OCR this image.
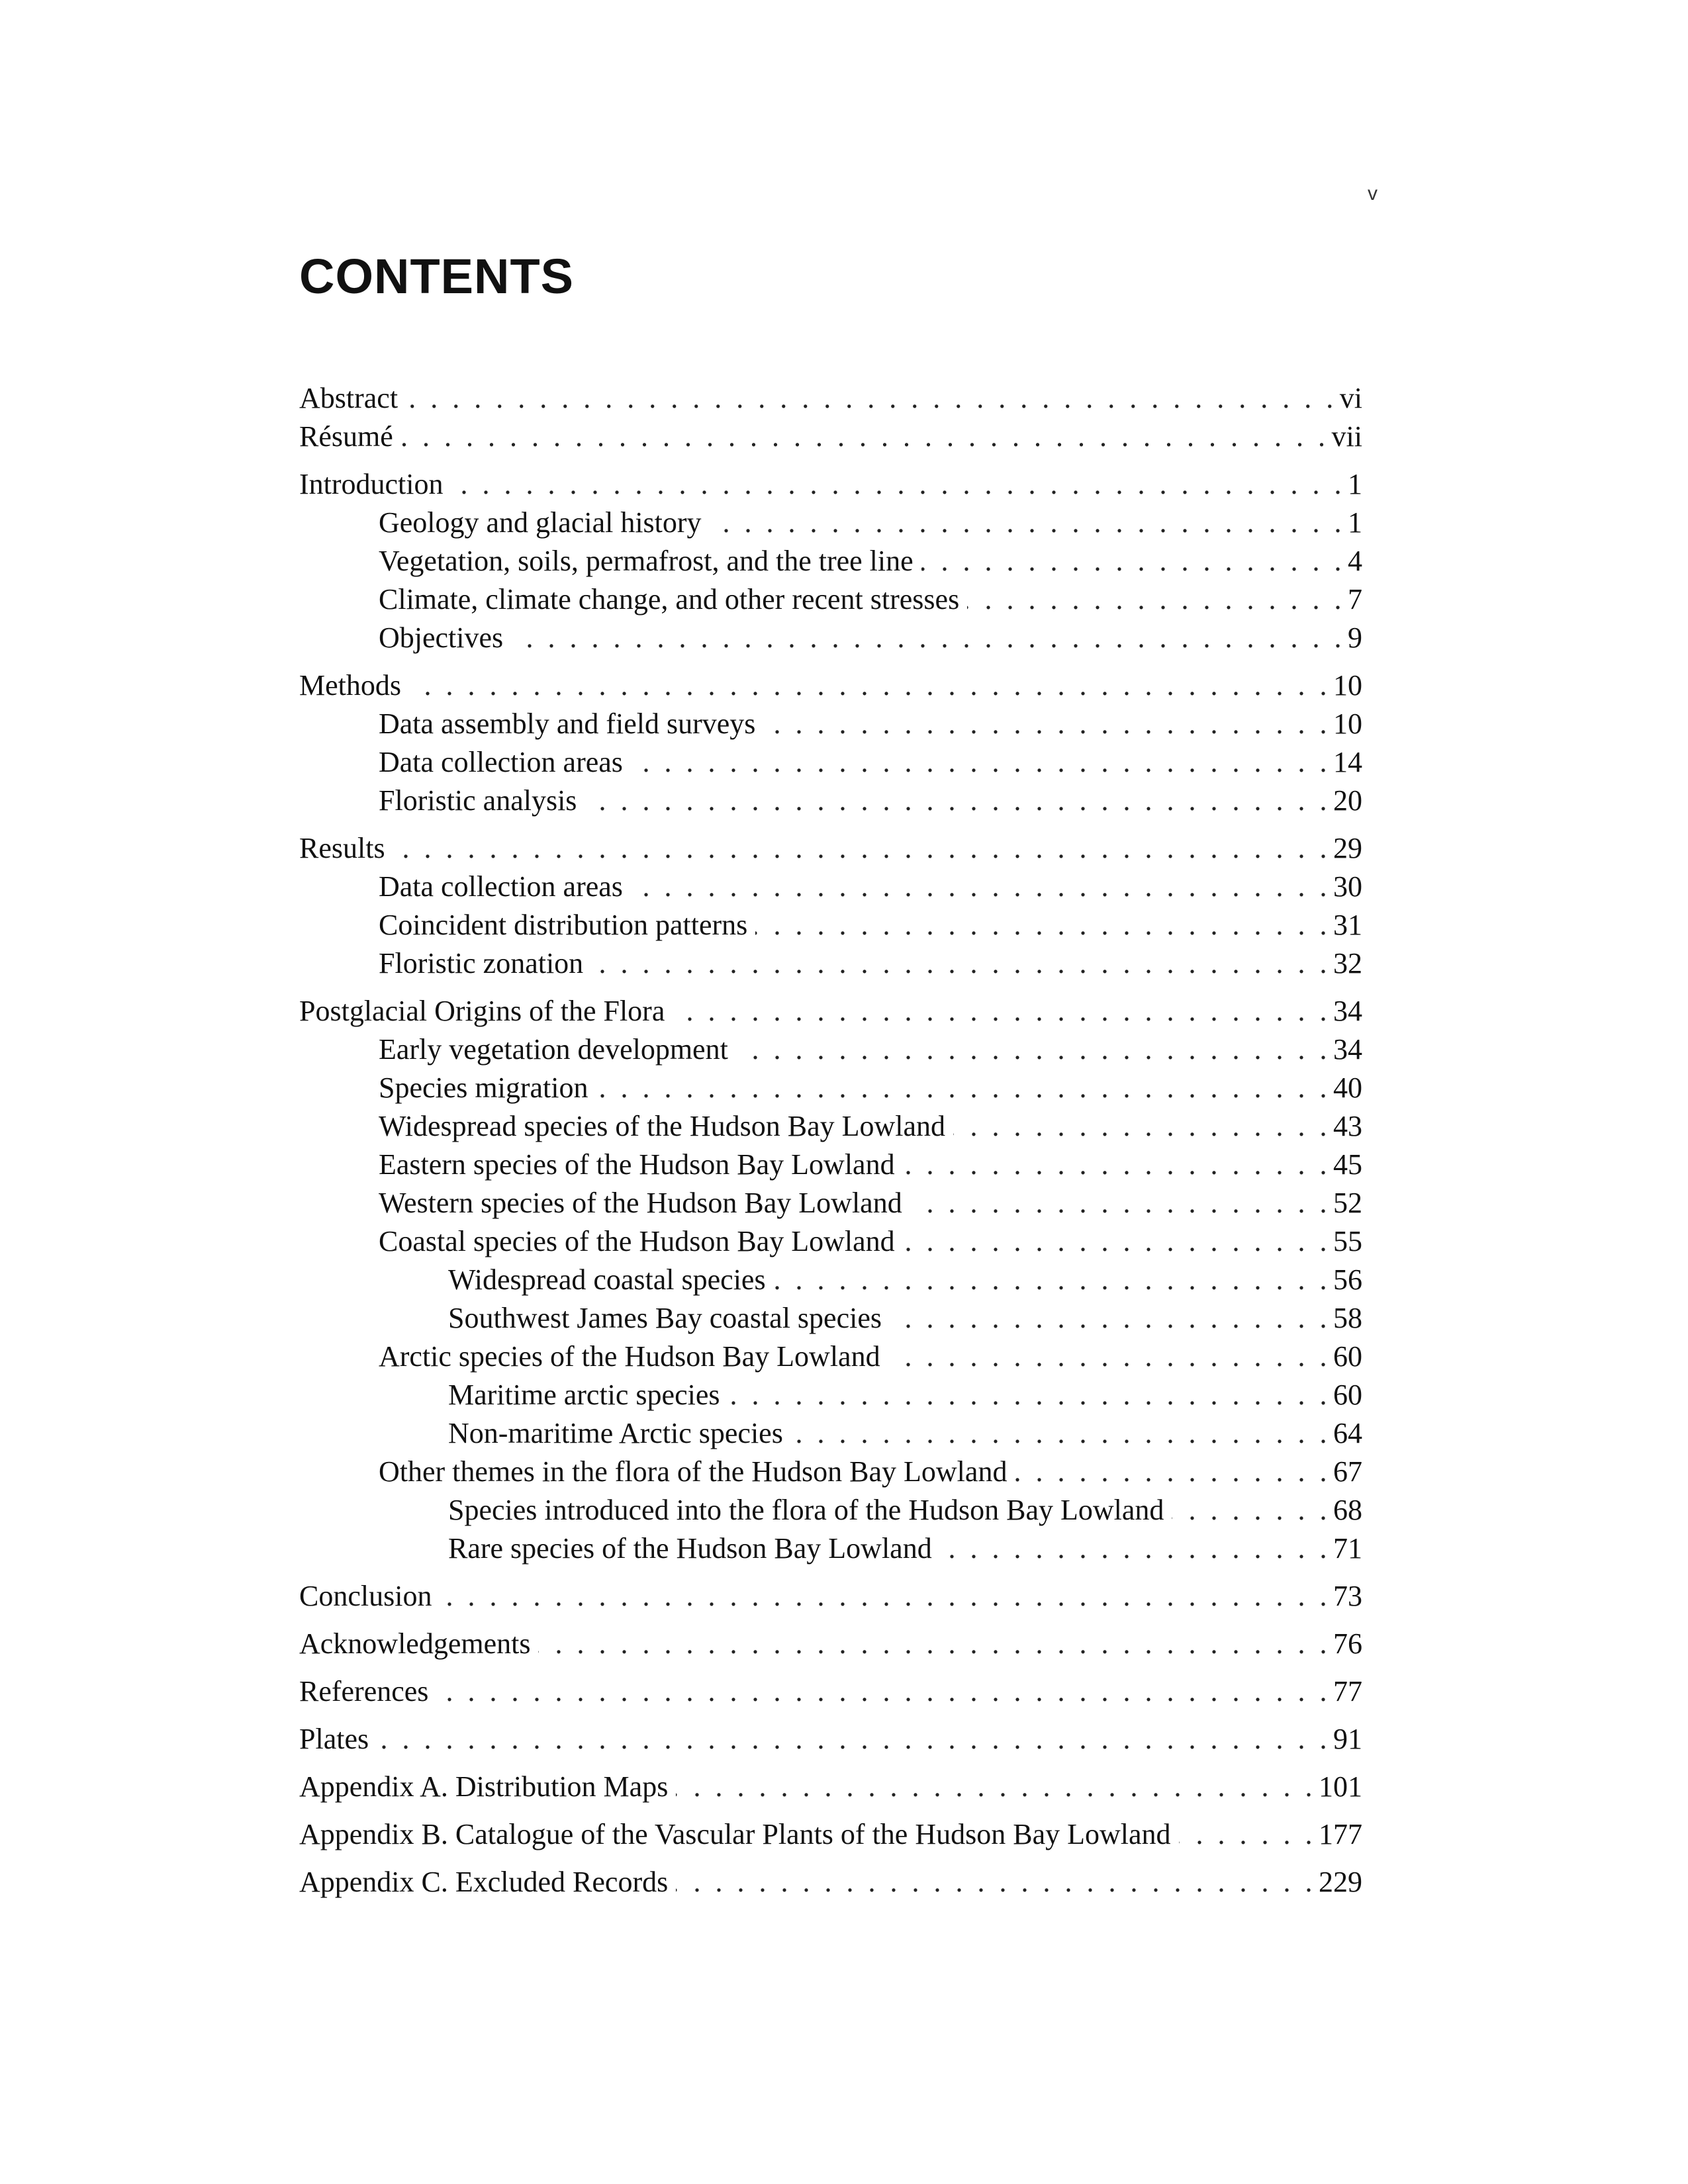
v
CONTENTS
Abstract . . .	vi
Résumé . . .	vii
Introduction . . .	1
Geology and glacial history . . .	1
Vegetation, soils, permafrost, and the tree line . . .	4
Climate, climate change, and other recent stresses . . .	7
Objectives . . .	9
Methods . . .	10
Data assembly and field surveys . . .	10
Data collection areas . . .	14
Floristic analysis . . .	20
Results . . .	29
Data collection areas . . .	30
Coincident distribution patterns . . .	31
Floristic zonation . . .	32
Postglacial Origins of the Flora . . .	34
Early vegetation development . . .	34
Species migration . . .	40
Widespread species of the Hudson Bay Lowland . . .	43
Eastern species of the Hudson Bay Lowland . . .	45
Western species of the Hudson Bay Lowland . . .	52
Coastal species of the Hudson Bay Lowland . . .	55
Widespread coastal species . . .	56
Southwest James Bay coastal species . . .	58
Arctic species of the Hudson Bay Lowland . . .	60
Maritime arctic species . . .	60
Non-maritime Arctic species . . .	64
Other themes in the flora of the Hudson Bay Lowland . . .	67
Species introduced into the flora of the Hudson Bay Lowland . . .	68
Rare species of the Hudson Bay Lowland . . .	71
Conclusion . . .	73
Acknowledgements . . .	76
References . . .	77
Plates . . .	91
Appendix A. Distribution Maps . . .	101
Appendix B. Catalogue of the Vascular Plants of the Hudson Bay Lowland . . .	177
Appendix C. Excluded Records . . .	229
